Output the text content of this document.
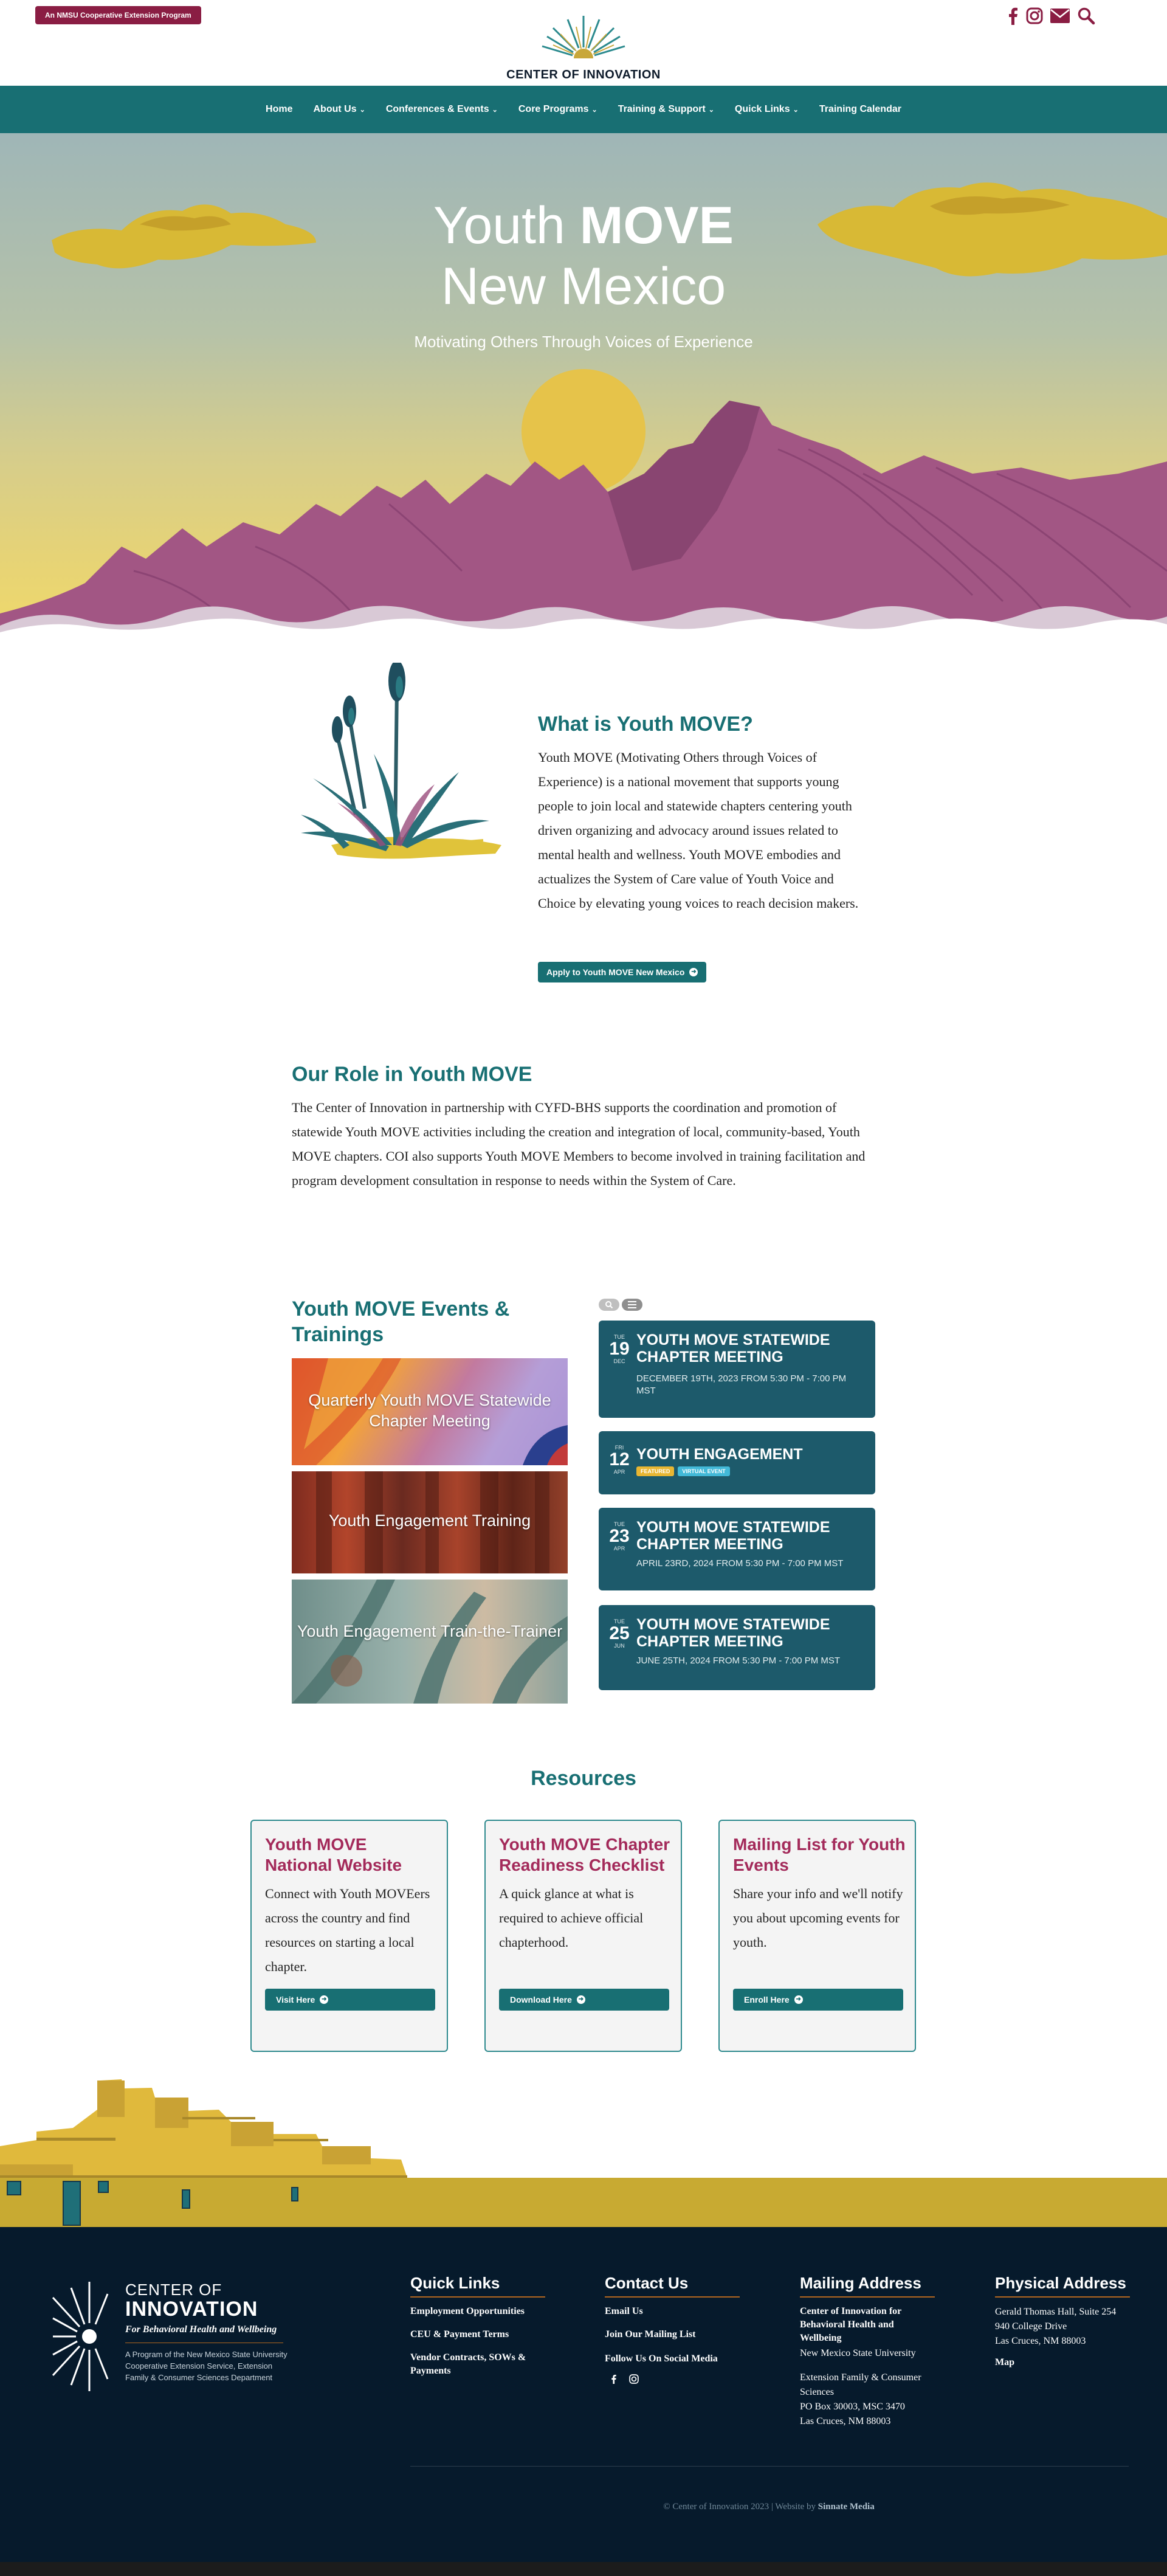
An NMSU Cooperative Extension Program
CENTER OF INNOVATION
Home About Us ⌄ Conferences & Events ⌄ Core Programs ⌄ Training & Support ⌄ Quick Links ⌄ Training Calendar
Youth MOVE
New Mexico
Motivating Others Through Voices of Experience
What is Youth MOVE?
Youth MOVE (Motivating Others through Voices of Experience) is a national movement that supports young people to join local and statewide chapters centering youth driven organizing and advocacy around issues related to mental health and wellness. Youth MOVE embodies and actualizes the System of Care value of Youth Voice and Choice by elevating young voices to reach decision makers.
Apply to Youth MOVE New Mexico ➜
Our Role in Youth MOVE
The Center of Innovation in partnership with CYFD-BHS supports the coordination and promotion of statewide Youth MOVE activities including the creation and integration of local, community-based, Youth MOVE chapters. COI also supports Youth MOVE Members to become involved in training facilitation and program development consultation in response to needs within the System of Care.
Youth MOVE Events & Trainings
Quarterly Youth MOVE Statewide Chapter Meeting
Youth Engagement Training
Youth Engagement Train-the-Trainer
TUE
19
DEC
YOUTH MOVE STATEWIDE CHAPTER MEETING
DECEMBER 19TH, 2023 FROM 5:30 PM - 7:00 PM MST
FRI
12
APR
YOUTH ENGAGEMENT
FEATURED	VIRTUAL EVENT
TUE
23
APR
YOUTH MOVE STATEWIDE CHAPTER MEETING
APRIL 23RD, 2024 FROM 5:30 PM - 7:00 PM MST
TUE
25
JUN
YOUTH MOVE STATEWIDE CHAPTER MEETING
JUNE 25TH, 2024 FROM 5:30 PM - 7:00 PM MST
Resources
Youth MOVE National Website
Connect with Youth MOVEers across the country and find resources on starting a local chapter.
Visit Here ➜
Youth MOVE Chapter Readiness Checklist
A quick glance at what is required to achieve official chapterhood.
Download Here ➜
Mailing List for Youth Events
Share your info and we'll notify you about upcoming events for youth.
Enroll Here ➜
CENTER OF
INNOVATION
For Behavioral Health and Wellbeing
A Program of the New Mexico State University Cooperative Extension Service, Extension Family & Consumer Sciences Department
Quick Links
Employment Opportunities
CEU & Payment Terms
Vendor Contracts, SOWs & Payments
Contact Us
Email Us
Join Our Mailing List
Follow Us On Social Media
Mailing Address
Center of Innovation for Behavioral Health and Wellbeing
New Mexico State University
Extension Family & Consumer Sciences
PO Box 30003, MSC 3470
Las Cruces, NM 88003
Physical Address
Gerald Thomas Hall, Suite 254
940 College Drive
Las Cruces, NM 88003
Map
© Center of Innovation 2023 | Website by Sinnate Media
